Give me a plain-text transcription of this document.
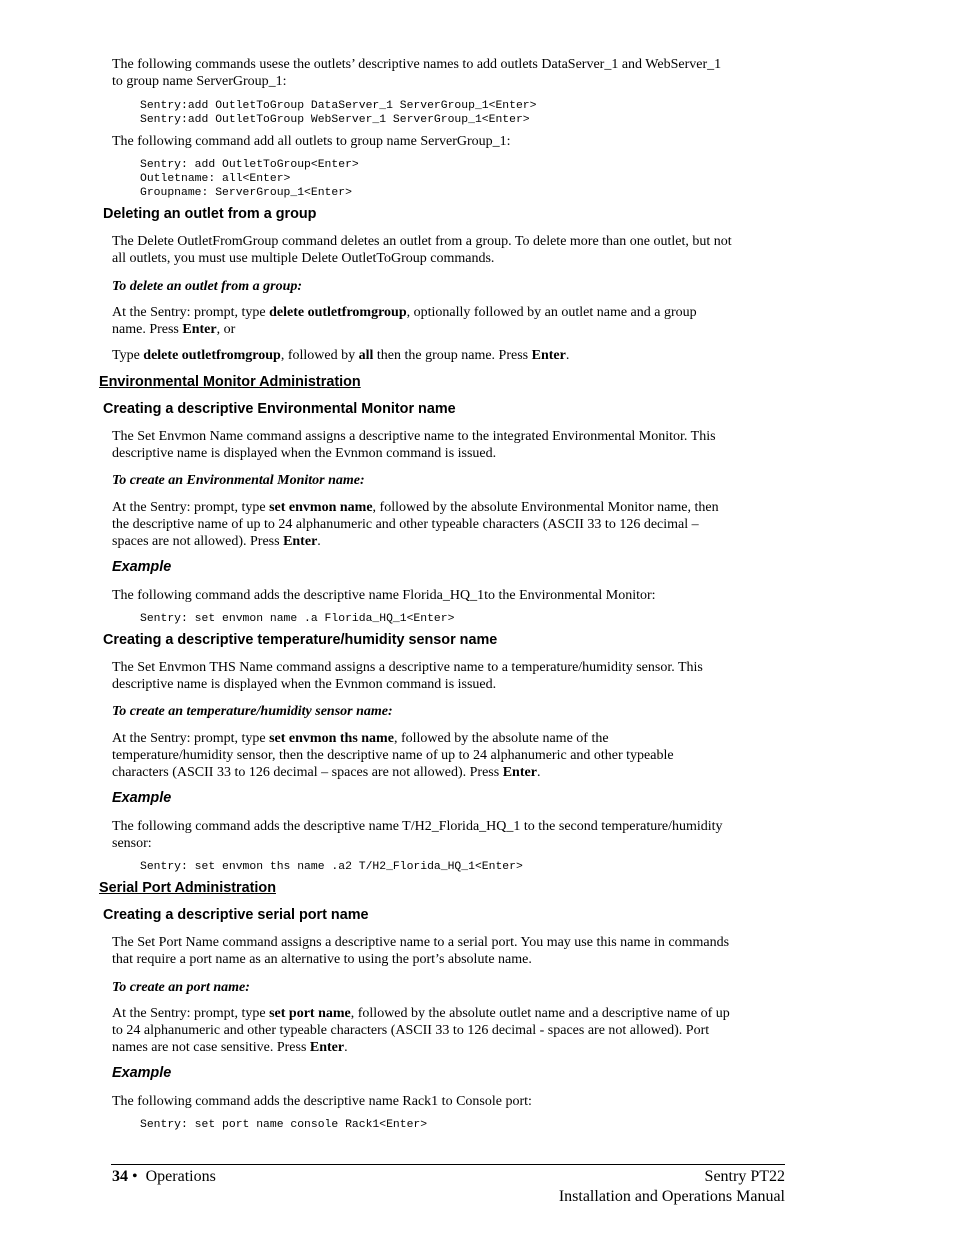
The following commands usese the outlets’ descriptive names to add outlets DataServer_1 and WebServer_1 to group name ServerGroup_1:

Sentry:add OutletToGroup DataServer_1 ServerGroup_1<Enter>
Sentry:add OutletToGroup WebServer_1 ServerGroup_1<Enter>

The following command add all outlets to group name ServerGroup_1:

Sentry: add OutletToGroup<Enter>
Outletname: all<Enter>
Groupname: ServerGroup_1<Enter>
Deleting an outlet from a group

The Delete OutletFromGroup command deletes an outlet from a group. To delete more than one outlet, but not all outlets, you must use multiple Delete OutletToGroup commands.

To delete an outlet from a group:

At the Sentry: prompt, type delete outletfromgroup, optionally followed by an outlet name and a group name. Press Enter, or

Type delete outletfromgroup, followed by all then the group name. Press Enter.

Environmental Monitor Administration
Creating a descriptive Environmental Monitor name

The Set Envmon Name command assigns a descriptive name to the integrated Environmental Monitor. This descriptive name is displayed when the Evnmon command is issued.

To create an Environmental Monitor name:

At the Sentry: prompt, type set envmon name, followed by the absolute Environmental Monitor name, then the descriptive name of up to 24 alphanumeric and other typeable characters (ASCII 33 to 126 decimal – spaces are not allowed). Press Enter.

Example

The following command adds the descriptive name Florida_HQ_1to the Environmental Monitor:

Sentry: set envmon name .a Florida_HQ_1<Enter>
Creating a descriptive temperature/humidity sensor name

The Set Envmon THS Name command assigns a descriptive name to a temperature/humidity sensor. This descriptive name is displayed when the Evnmon command is issued.

To create an temperature/humidity sensor name:

At the Sentry: prompt, type set envmon ths name, followed by the absolute name of the temperature/humidity sensor, then the descriptive name of up to 24 alphanumeric and other typeable characters (ASCII 33 to 126 decimal – spaces are not allowed). Press Enter.

Example

The following command adds the descriptive name T/H2_Florida_HQ_1 to the second temperature/humidity sensor:

Sentry: set envmon ths name .a2 T/H2_Florida_HQ_1<Enter>
Serial Port Administration
Creating a descriptive serial port name

The Set Port Name command assigns a descriptive name to a serial port. You may use this name in commands that require a port name as an alternative to using the port’s absolute name.

To create an port name:

At the Sentry: prompt, type set port name, followed by the absolute outlet name and a descriptive name of up to 24 alphanumeric and other typeable characters (ASCII 33 to 126 decimal - spaces are not allowed). Port names are not case sensitive. Press Enter.

Example

The following command adds the descriptive name Rack1 to Console port:

Sentry: set port name console Rack1<Enter>
34 • Operations	Sentry PT22
Installation and Operations Manual
